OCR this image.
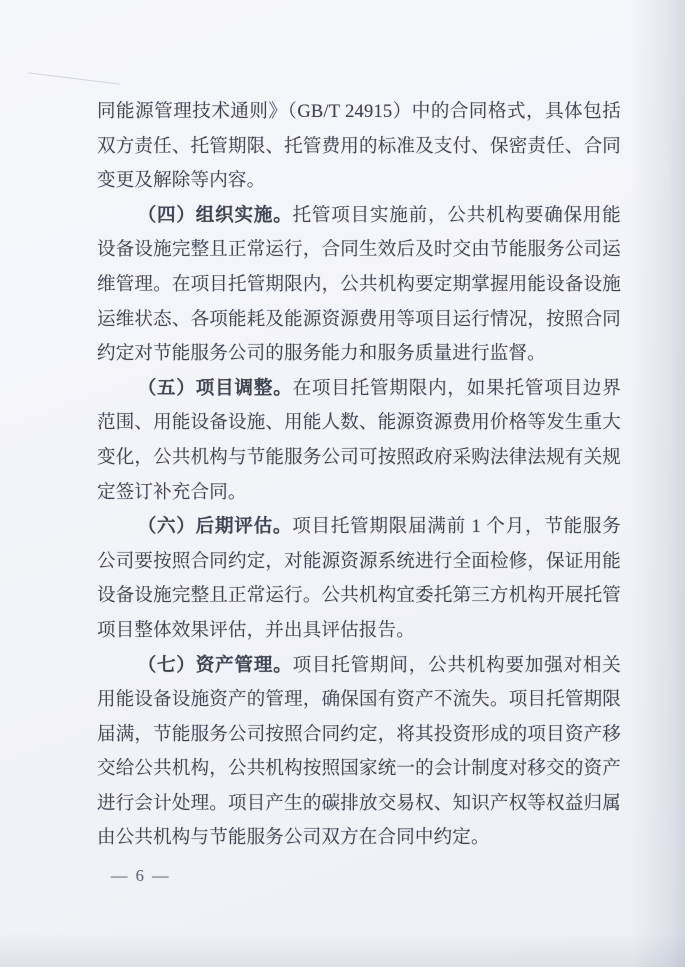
同能源管理技术通则》（GB/T 24915）中的合同格式，具体包括双方责任、托管期限、托管费用的标准及支付、保密责任、合同变更及解除等内容。

（四）组织实施。托管项目实施前，公共机构要确保用能设备设施完整且正常运行，合同生效后及时交由节能服务公司运维管理。在项目托管期限内，公共机构要定期掌握用能设备设施运维状态、各项能耗及能源资源费用等项目运行情况，按照合同约定对节能服务公司的服务能力和服务质量进行监督。

（五）项目调整。在项目托管期限内，如果托管项目边界范围、用能设备设施、用能人数、能源资源费用价格等发生重大变化，公共机构与节能服务公司可按照政府采购法律法规有关规定签订补充合同。

（六）后期评估。项目托管期限届满前 1 个月，节能服务公司要按照合同约定，对能源资源系统进行全面检修，保证用能设备设施完整且正常运行。公共机构宜委托第三方机构开展托管项目整体效果评估，并出具评估报告。

（七）资产管理。项目托管期间，公共机构要加强对相关用能设备设施资产的管理，确保国有资产不流失。项目托管期限届满，节能服务公司按照合同约定，将其投资形成的项目资产移交给公共机构，公共机构按照国家统一的会计制度对移交的资产进行会计处理。项目产生的碳排放交易权、知识产权等权益归属由公共机构与节能服务公司双方在合同中约定。

— 6 —
